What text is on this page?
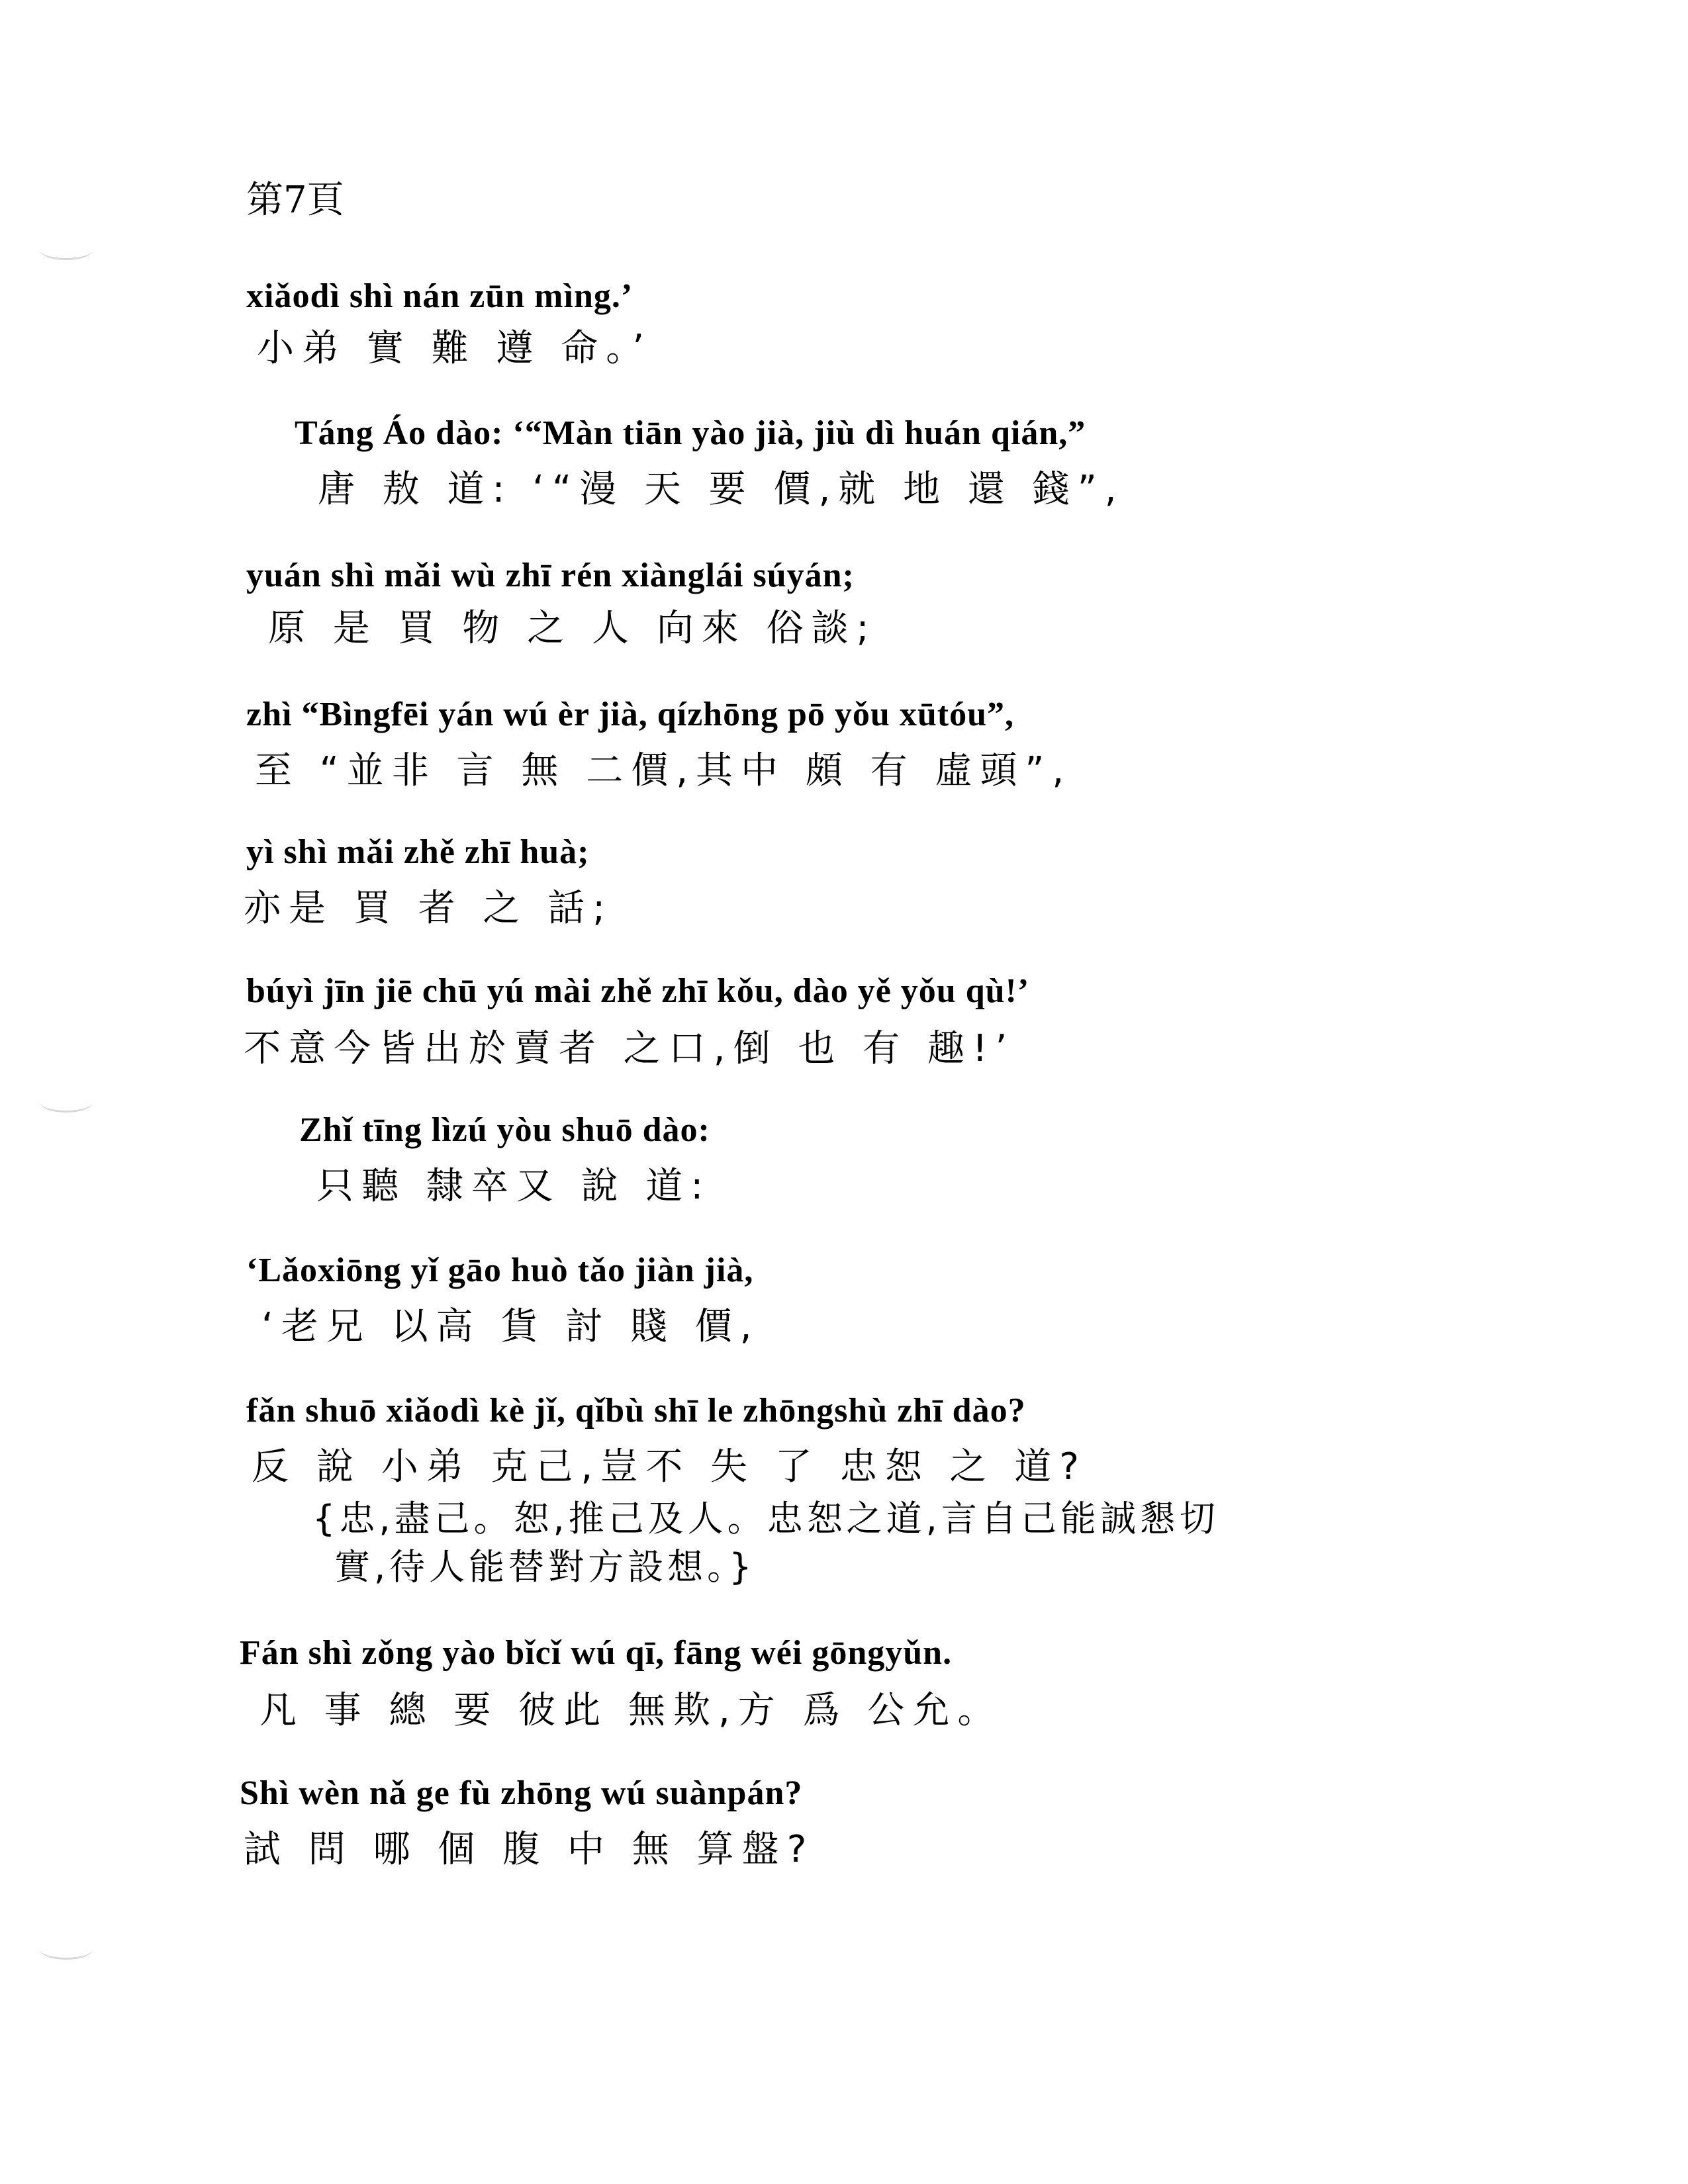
第7頁
xiǎodì shì nán zūn mìng.’
小弟 實 難 遵 命。’
Táng Áo dào: ‘“Màn tiān yào jià, jiù dì huán qián,”
唐 敖 道: ‘“漫 天 要 價,就 地 還 錢”,
yuán shì mǎi wù zhī rén xiànglái súyán;
原 是 買 物 之 人 向來 俗談;
zhì “Bìngfēi yán wú èr jià, qízhōng pō yǒu xūtóu”,
至 “並非 言 無 二價,其中 頗 有 虛頭”,
yì shì mǎi zhě zhī huà;
亦是 買 者 之 話;
búyì jīn jiē chū yú mài zhě zhī kǒu, dào yě yǒu qù!’
不意今皆出於賣者 之口,倒 也 有 趣!’
Zhǐ tīng lìzú yòu shuō dào:
只聽 隸卒又 說 道:
‘Lǎoxiōng yǐ gāo huò tǎo jiàn jià,
‘老兄 以高 貨 討 賤 價,
fǎn shuō xiǎodì kè jǐ, qǐbù shī le zhōngshù zhī dào?
反 說 小弟 克己,豈不 失 了 忠恕 之 道?
{忠,盡己。恕,推己及人。忠恕之道,言自己能誠懇切
實,待人能替對方設想。}
Fán shì zǒng yào bǐcǐ wú qī, fāng wéi gōngyǔn.
凡 事 總 要 彼此 無欺,方 爲 公允。
Shì wèn nǎ ge fù zhōng wú suànpán?
試 問 哪 個 腹 中 無 算盤?
